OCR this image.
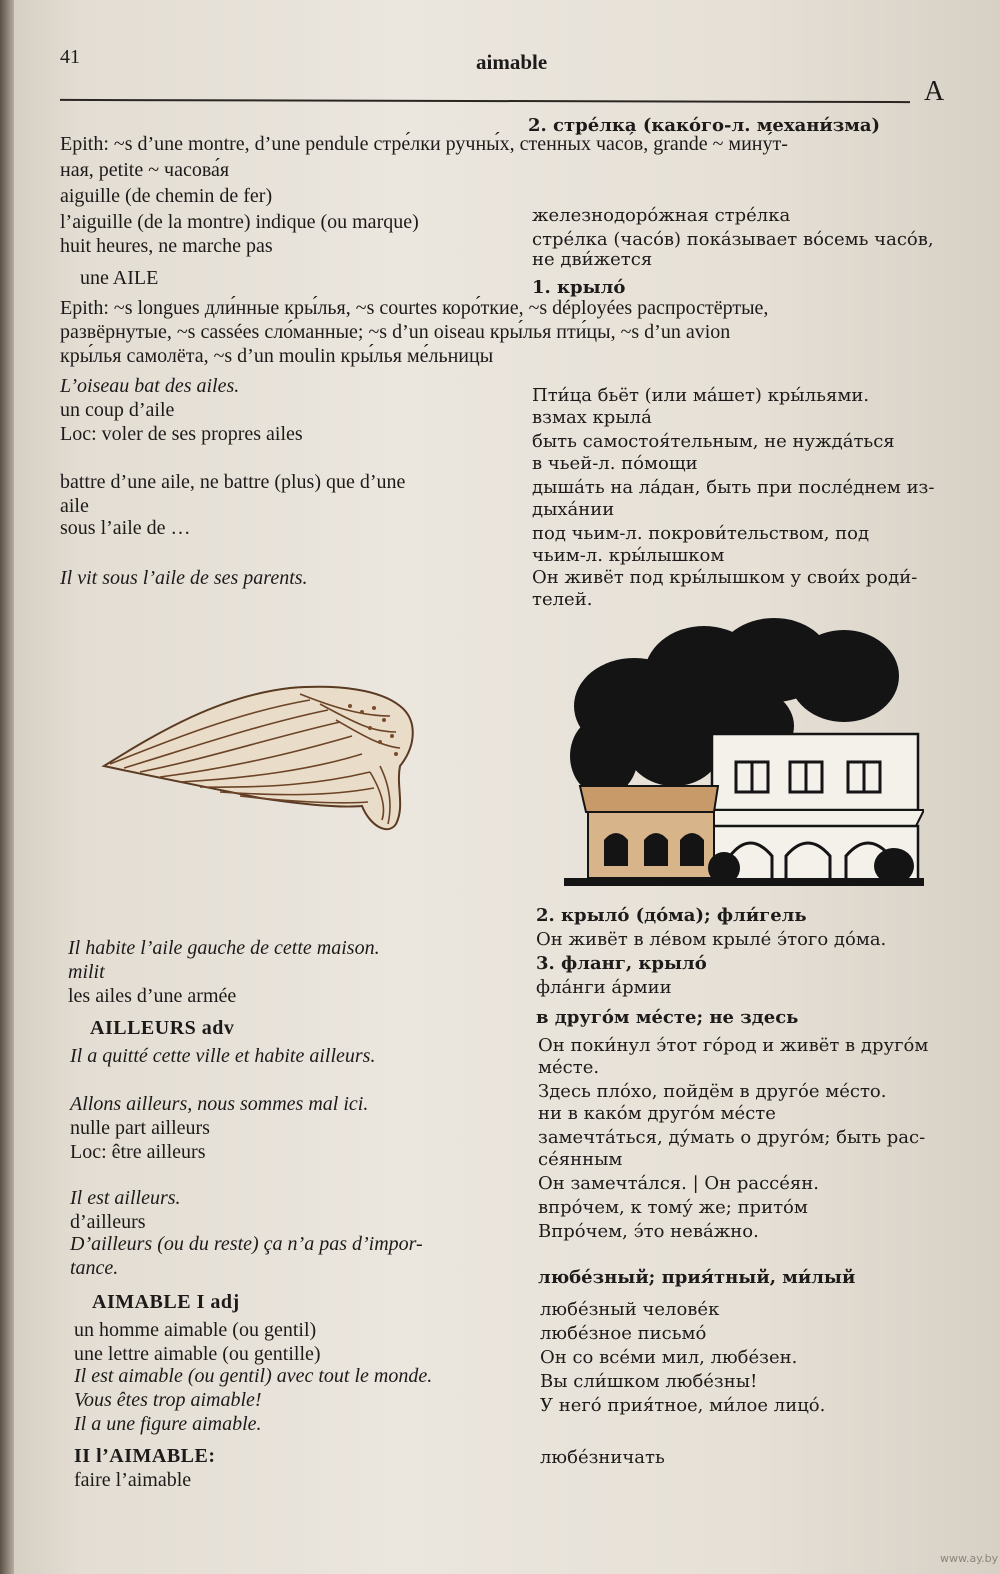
41	aimable
A
Epith: ~s d’une montre, d’une pendule стре́лки ручны́х, стенны́х часо́в, grande ~ мину́т-
ная, petite ~ часова́я
aiguille (de chemin de fer)
l’aiguille (de la montre) indique (ou marque)
huit heures, ne marche pas
une AILE
Epith: ~s longues дли́нные кры́лья, ~s courtes коро́ткие, ~s déployées распростёртые,
развёрнутые, ~s cassées сло́манные; ~s d’un oiseau кры́лья пти́цы, ~s d’un avion
кры́лья самолёта, ~s d’un moulin кры́лья ме́льницы
L’oiseau bat des ailes.
un coup d’aile
Loc: voler de ses propres ailes
battre d’une aile, ne battre (plus) que d’une
aile
sous l’aile de …
Il vit sous l’aile de ses parents.
Il habite l’aile gauche de cette maison.
milit
les ailes d’une armée
AILLEURS adv
Il a quitté cette ville et habite ailleurs.
Allons ailleurs, nous sommes mal ici.
nulle part ailleurs
Loc: être ailleurs
Il est ailleurs.
d’ailleurs
D’ailleurs (ou du reste) ça n’a pas d’impor-
tance.
AIMABLE I adj
un homme aimable (ou gentil)
une lettre aimable (ou gentille)
Il est aimable (ou gentil) avec tout le monde.
Vous êtes trop aimable!
Il a une figure aimable.
II l’AIMABLE:
faire l’aimable
2. стре́лка (како́го-л. механи́зма)
железнодоро́жная стре́лка
стре́лка (часо́в) пока́зывает во́семь часо́в,
не дви́жется
1. крыло́
Пти́ца бьёт (или ма́шет) кры́льями.
взмах крыла́
быть самостоя́тельным, не нужда́ться
в чьей-л. по́мощи
дыша́ть на ла́дан, быть при после́днем из-
дыха́нии
под чьим-л. покрови́тельством, под
чьим-л. кры́лышком
Он живёт под кры́лышком у свои́х роди́-
телей.
2. крыло́ (до́ма); фли́гель
Он живёт в ле́вом крыле́ э́того до́ма.
3. фланг, крыло́
фла́нги а́рмии
в друго́м ме́сте; не здесь
Он поки́нул э́тот го́род и живёт в друго́м
ме́сте.
Здесь пло́хо, пойдём в друго́е ме́сто.
ни в како́м друго́м ме́сте
замечта́ться, ду́мать о друго́м; быть рас-
се́янным
Он замечта́лся. | Он рассе́ян.
впро́чем, к тому́ же; прито́м
Впро́чем, э́то нева́жно.
любе́зный; прия́тный, ми́лый
любе́зный челове́к
любе́зное письмо́
Он со все́ми мил, любе́зен.
Вы сли́шком любе́зны!
У него́ прия́тное, ми́лое лицо́.
любе́зничать
www.ay.by
